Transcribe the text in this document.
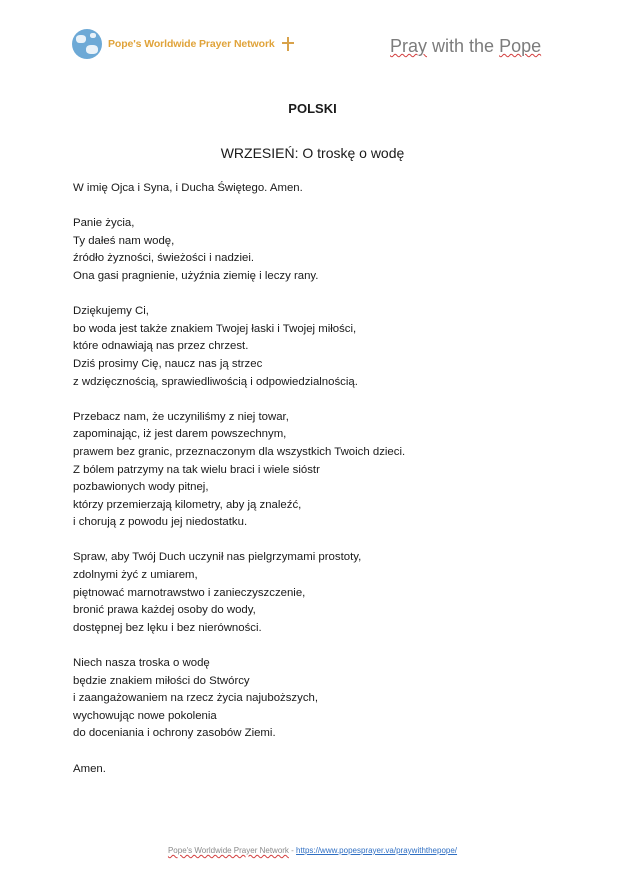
Pope's Worldwide Prayer Network	Pray with the Pope
POLSKI
WRZESIEŃ: O troskę o wodę
W imię Ojca i Syna, i Ducha Świętego. Amen.
Panie życia,
Ty dałeś nam wodę,
źródło żyzności, świeżości i nadziei.
Ona gasi pragnienie, użyźnia ziemię i leczy rany.
Dziękujemy Ci,
bo woda jest także znakiem Twojej łaski i Twojej miłości,
które odnawiają nas przez chrzest.
Dziś prosimy Cię, naucz nas ją strzec
z wdzięcznością, sprawiedliwością i odpowiedzialnością.
Przebacz nam, że uczyniliśmy z niej towar,
zapominając, iż jest darem powszechnym,
prawem bez granic, przeznaczonym dla wszystkich Twoich dzieci.
Z bólem patrzymy na tak wielu braci i wiele sióstr
pozbawionych wody pitnej,
którzy przemierzają kilometry, aby ją znaleźć,
i chorują z powodu jej niedostatku.
Spraw, aby Twój Duch uczynił nas pielgrzymami prostoty,
zdolnymi żyć z umiarem,
piętnować marnotrawstwo i zanieczyszczenie,
bronić prawa każdej osoby do wody,
dostępnej bez lęku i bez nierówności.
Niech nasza troska o wodę
będzie znakiem miłości do Stwórcy
i zaangażowaniem na rzecz życia najuboższych,
wychowując nowe pokolenia
do doceniania i ochrony zasobów Ziemi.
Amen.
Pope's Worldwide Prayer Network - https://www.popesprayer.va/praywiththepope/
